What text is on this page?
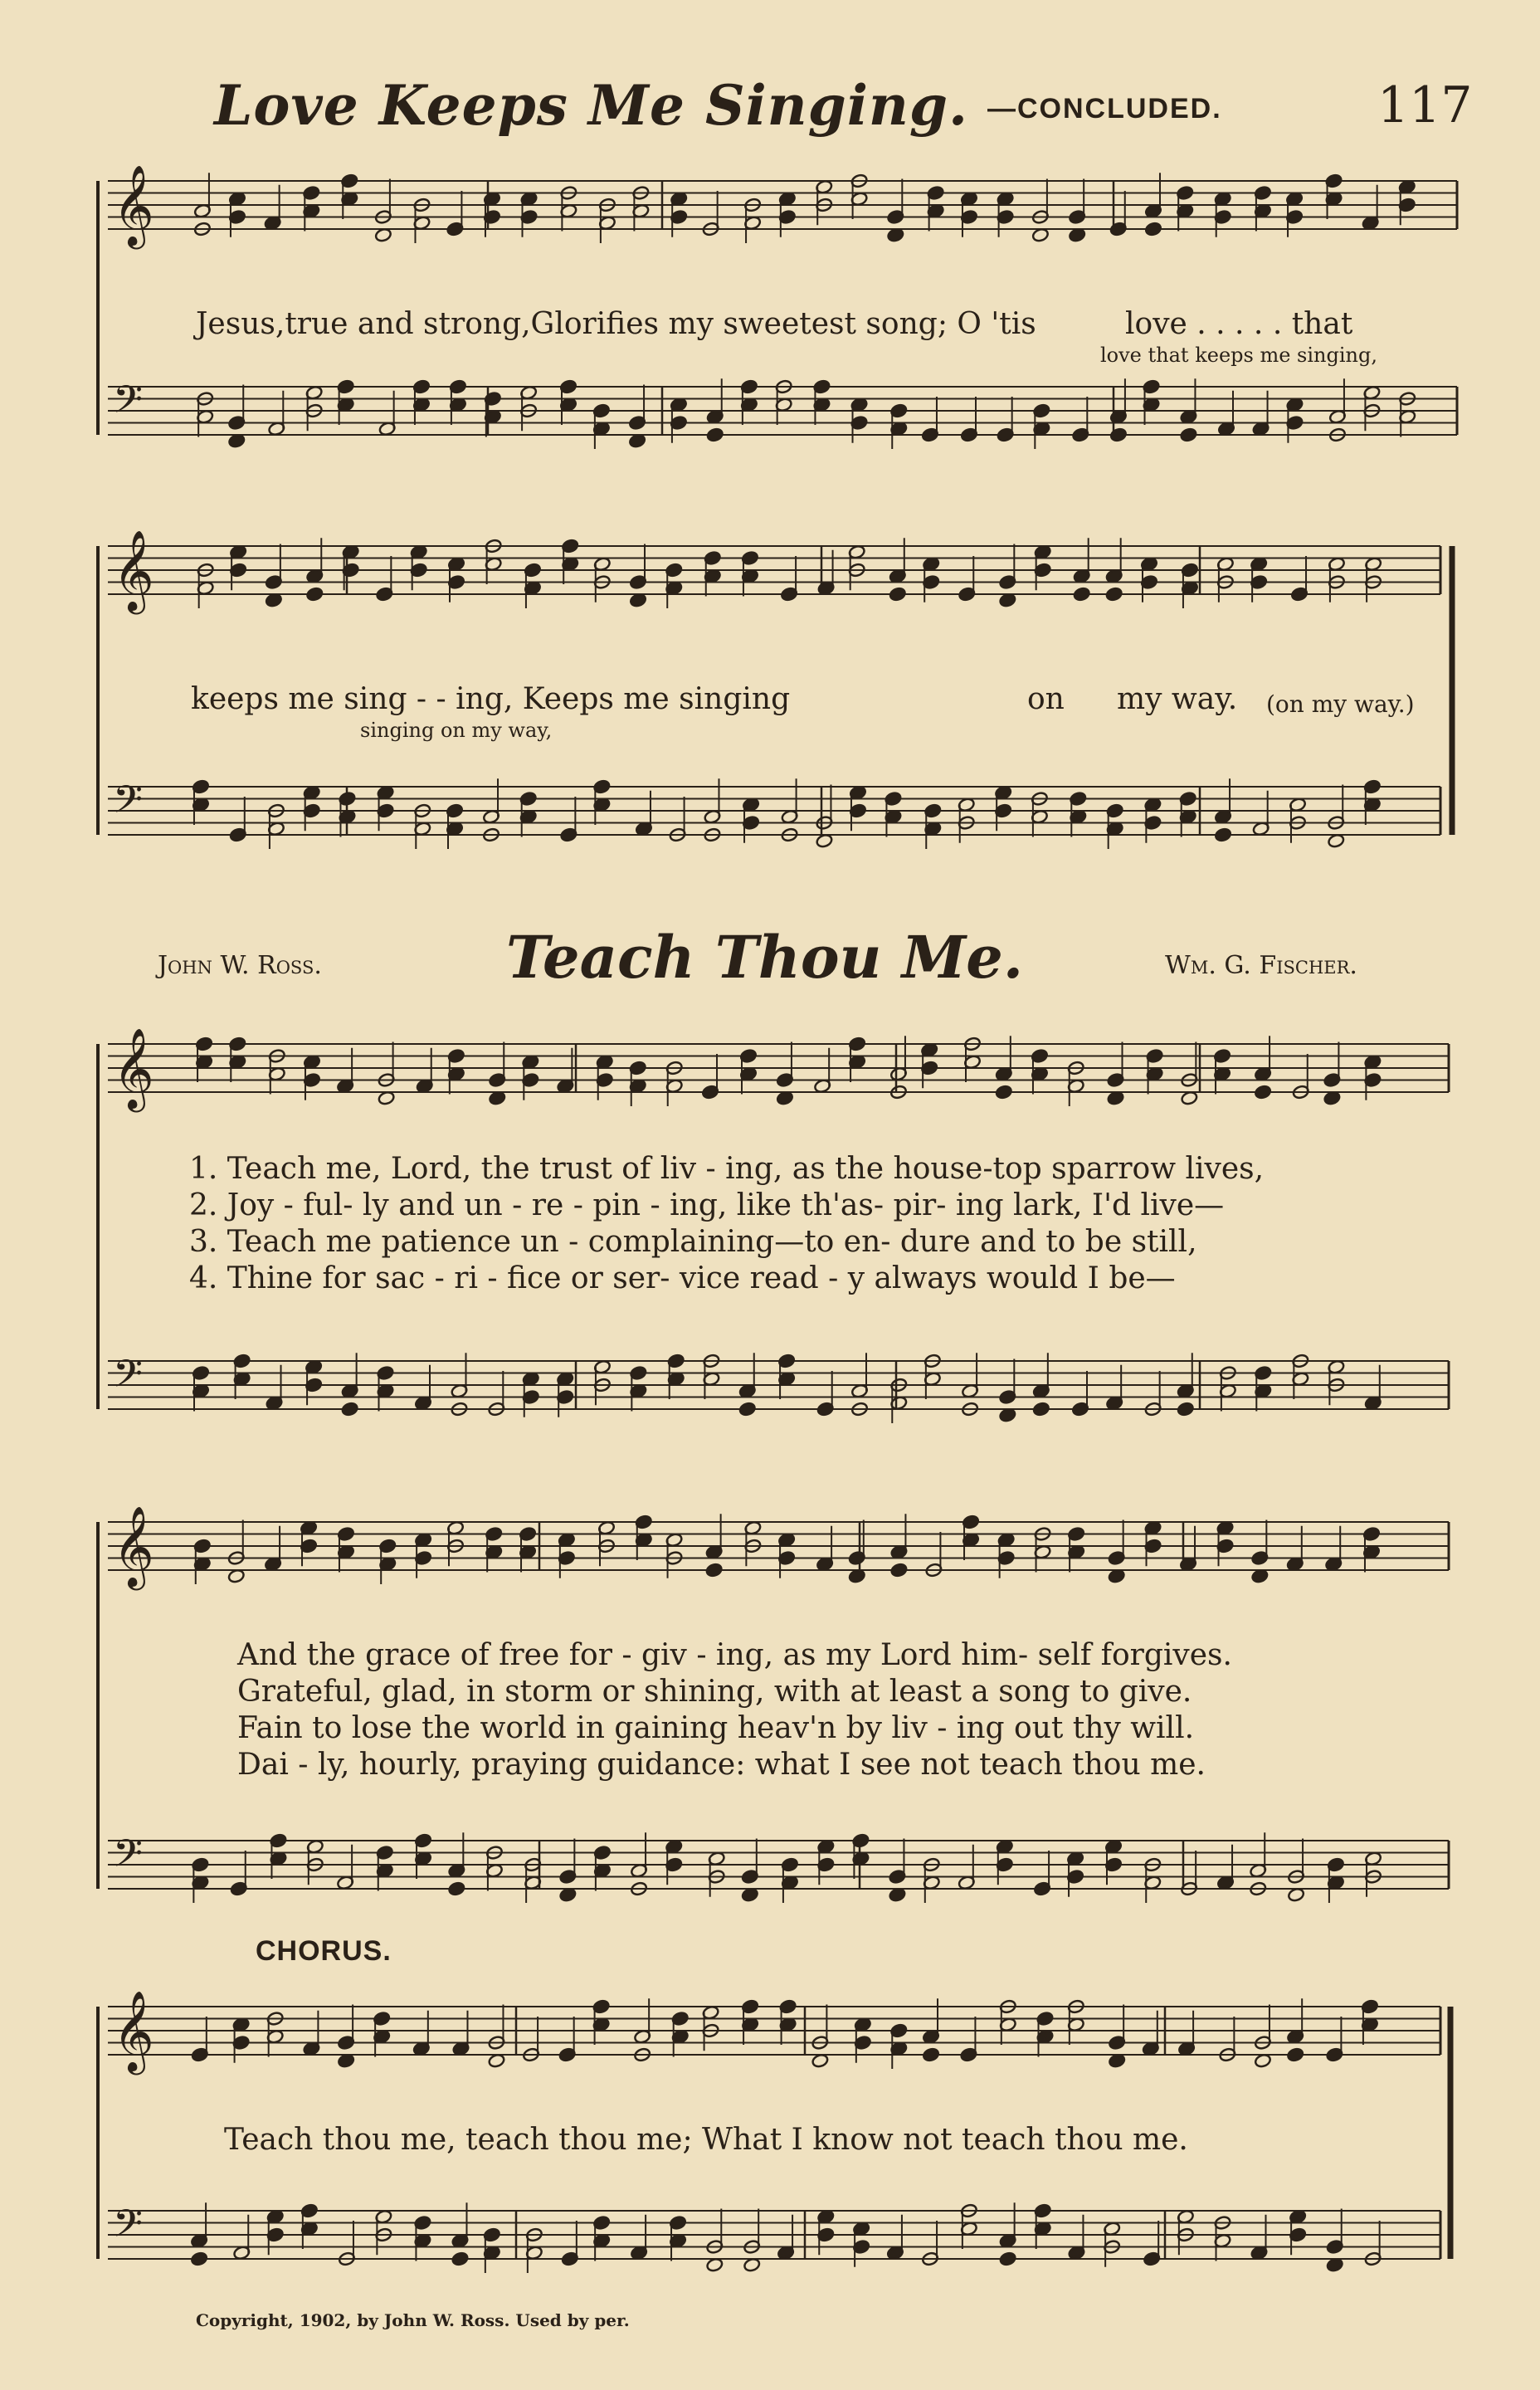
Love Keeps Me Singing. —CONCLUDED.	117
𝄞
𝄢
𝄞
𝄢
𝄞
𝄢
𝄞
𝄢
𝄞
𝄢
Jesus,true and strong,Glorifies my sweetest song; O 'tis	love . . . . . that
love that keeps me singing,
keeps me sing - - ing, Keeps me singing	on my way. (on my way.)
singing on my way,
John W. Ross.	Teach Thou Me.	Wm. G. Fischer.
1. Teach me, Lord, the trust of liv - ing, as the house-top sparrow lives,
2. Joy - ful- ly and un - re - pin - ing, like th'as- pir- ing lark, I'd live—
3. Teach me patience un - complaining—to en- dure and to be still,
4. Thine for sac - ri - fice or ser- vice read - y always would I be—
And the grace of free for - giv - ing, as my Lord him- self forgives.
Grateful, glad, in storm or shining, with at least a song to give.
Fain to lose the world in gaining heav'n by liv - ing out thy will.
Dai - ly, hourly, praying guidance: what I see not teach thou me.
CHORUS.
Teach thou me, teach thou me; What I know not teach thou me.
Copyright, 1902, by John W. Ross. Used by per.
